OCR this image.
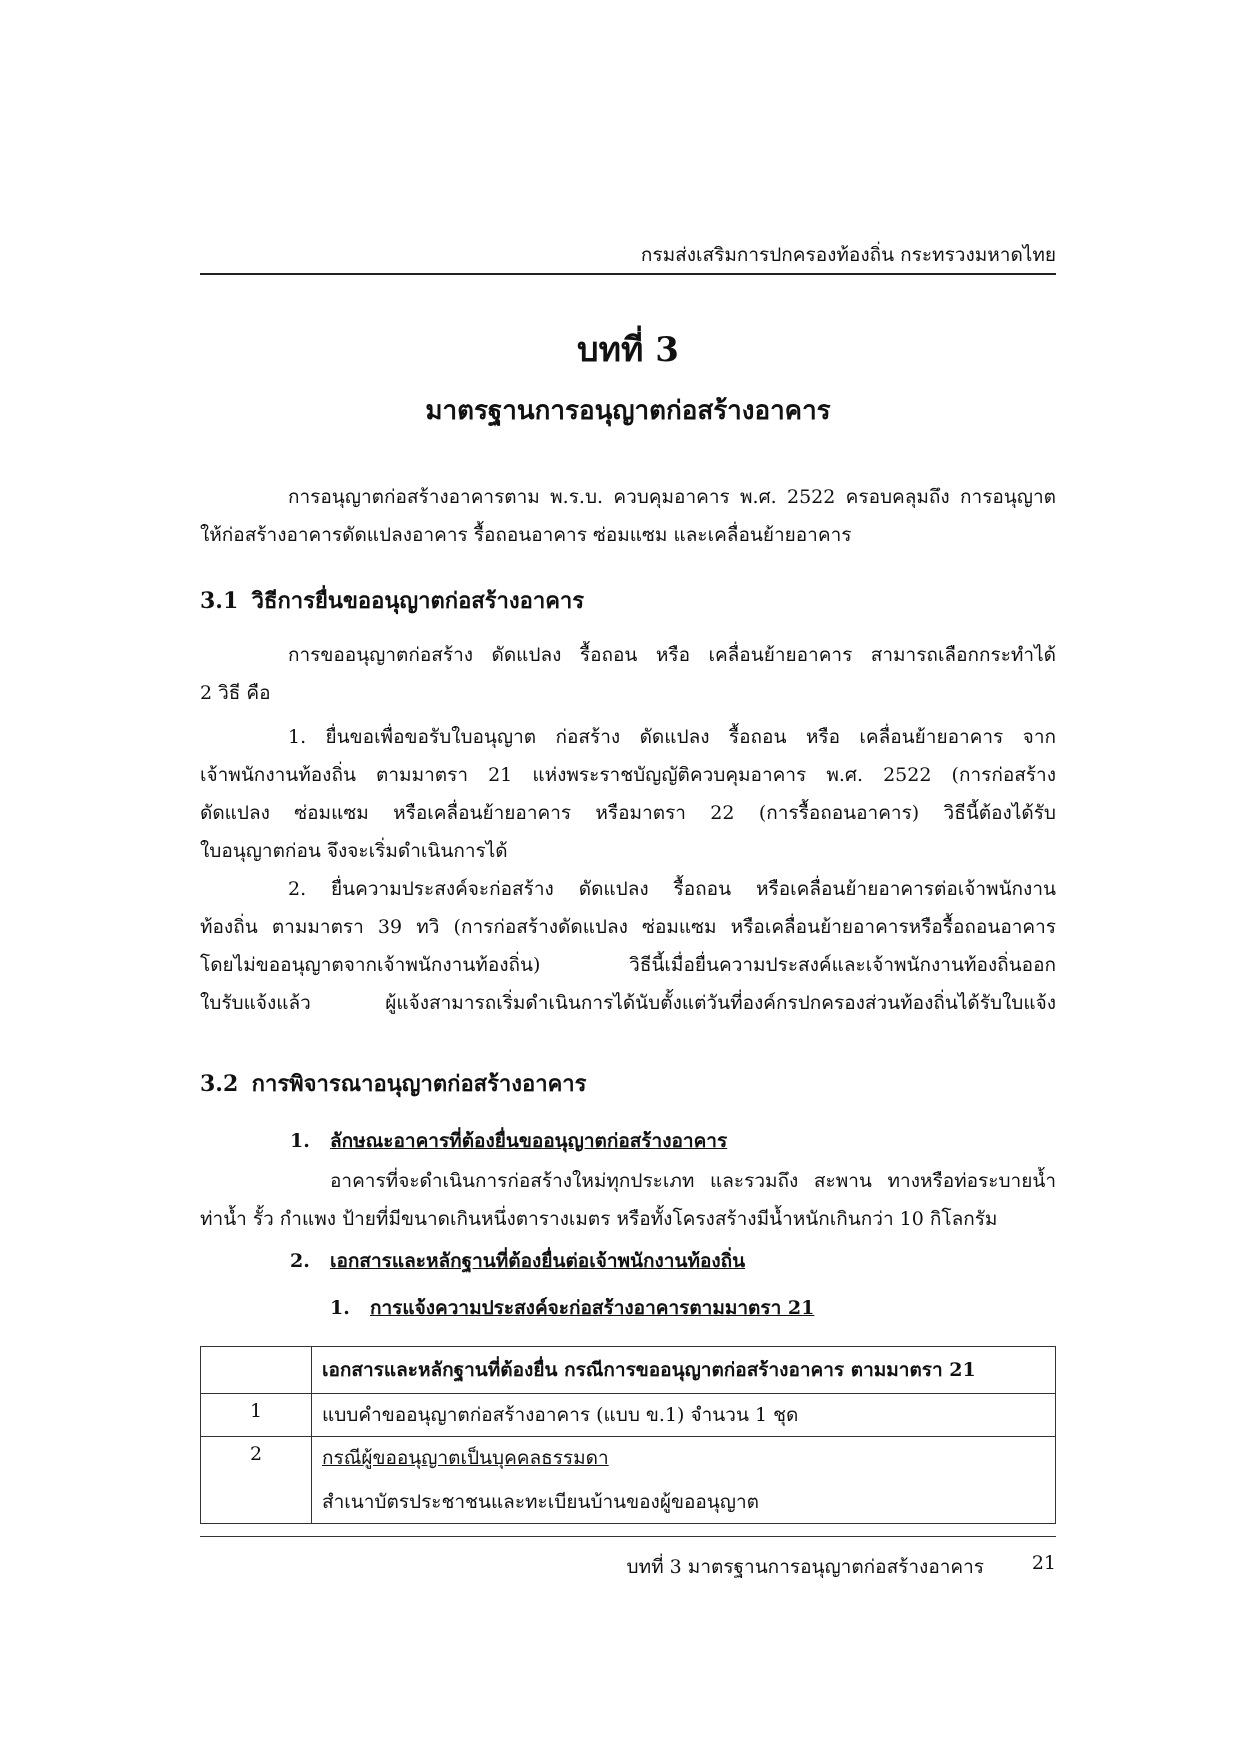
กรมส่งเสริมการปกครองท้องถิ่น กระทรวงมหาดไทย
บทที่ 3
มาตรฐานการอนุญาตก่อสร้างอาคาร
การอนุญาตก่อสร้างอาคารตาม พ.ร.บ. ควบคุมอาคาร พ.ศ. 2522 ครอบคลุมถึง การอนุญาต
ให้ก่อสร้างอาคารดัดแปลงอาคาร รื้อถอนอาคาร ซ่อมแซม และเคลื่อนย้ายอาคาร
3.1 วิธีการยื่นขออนุญาตก่อสร้างอาคาร
การขออนุญาตก่อสร้าง ดัดแปลง รื้อถอน หรือ เคลื่อนย้ายอาคาร สามารถเลือกกระทำได้
2 วิธี คือ
1. ยื่นขอเพื่อขอรับใบอนุญาต ก่อสร้าง ดัดแปลง รื้อถอน หรือ เคลื่อนย้ายอาคาร จาก
เจ้าพนักงานท้องถิ่น ตามมาตรา 21 แห่งพระราชบัญญัติควบคุมอาคาร พ.ศ. 2522 (การก่อสร้าง
ดัดแปลง ซ่อมแซม หรือเคลื่อนย้ายอาคาร หรือมาตรา 22 (การรื้อถอนอาคาร) วิธีนี้ต้องได้รับ
ใบอนุญาตก่อน จึงจะเริ่มดำเนินการได้
2. ยื่นความประสงค์จะก่อสร้าง ดัดแปลง รื้อถอน หรือเคลื่อนย้ายอาคารต่อเจ้าพนักงาน
ท้องถิ่น ตามมาตรา 39 ทวิ (การก่อสร้างดัดแปลง ซ่อมแซม หรือเคลื่อนย้ายอาคารหรือรื้อถอนอาคาร
โดยไม่ขออนุญาตจากเจ้าพนักงานท้องถิ่น) วิธีนี้เมื่อยื่นความประสงค์และเจ้าพนักงานท้องถิ่นออก
ใบรับแจ้งแล้ว ผู้แจ้งสามารถเริ่มดำเนินการได้นับตั้งแต่วันที่องค์กรปกครองส่วนท้องถิ่นได้รับใบแจ้ง
3.2 การพิจารณาอนุญาตก่อสร้างอาคาร
1. ลักษณะอาคารที่ต้องยื่นขออนุญาตก่อสร้างอาคาร
อาคารที่จะดำเนินการก่อสร้างใหม่ทุกประเภท และรวมถึง สะพาน ทางหรือท่อระบายน้ำ
ท่าน้ำ รั้ว กำแพง ป้ายที่มีขนาดเกินหนึ่งตารางเมตร หรือทั้งโครงสร้างมีน้ำหนักเกินกว่า 10 กิโลกรัม
2. เอกสารและหลักฐานที่ต้องยื่นต่อเจ้าพนักงานท้องถิ่น
1. การแจ้งความประสงค์จะก่อสร้างอาคารตามมาตรา 21
	เอกสารและหลักฐานที่ต้องยื่น กรณีการขออนุญาตก่อสร้างอาคาร ตามมาตรา 21
1	แบบคำขออนุญาตก่อสร้างอาคาร (แบบ ข.1) จำนวน 1 ชุด
2	กรณีผู้ขออนุญาตเป็นบุคคลธรรมดา
สำเนาบัตรประชาชนและทะเบียนบ้านของผู้ขออนุญาต
บทที่ 3 มาตรฐานการอนุญาตก่อสร้างอาคาร	21
